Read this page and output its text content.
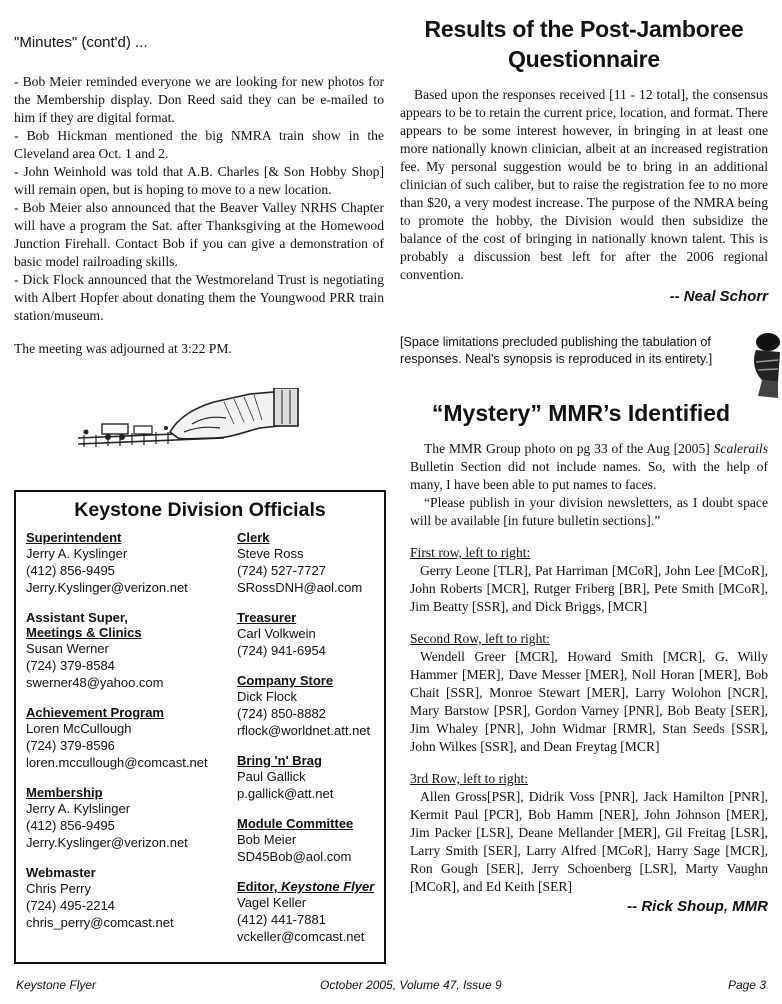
"Minutes" (cont'd) ...

- Bob Meier reminded everyone we are looking for new photos for the Membership display. Don Reed said they can be e-mailed to him if they are digital format.

- Bob Hickman mentioned the big NMRA train show in the Cleveland area Oct. 1 and 2.

- John Weinhold was told that A.B. Charles [& Son Hobby Shop] will remain open, but is hoping to move to a new location.

- Bob Meier also announced that the Beaver Valley NRHS Chapter will have a program the Sat. after Thanksgiving at the Homewood Junction Firehall. Contact Bob if you can give a demonstration of basic model railroading skills.

- Dick Flock announced that the Westmoreland Trust is negotiating with Albert Hopfer about donating them the Youngwood PRR train station/museum.

The meeting was adjourned at 3:22 PM.
Keystone Division Officials
Superintendent
Jerry A. Kyslinger
(412) 856-9495
Jerry.Kyslinger@verizon.net
Assistant Super,
Meetings & Clinics
Susan Werner
(724) 379-8584
swerner48@yahoo.com
Achievement Program
Loren McCullough
(724) 379-8596
loren.mccullough@comcast.net
Membership
Jerry A. Kylslinger
(412) 856-9495
Jerry.Kyslinger@verizon.net
Webmaster
Chris Perry
(724) 495-2214
chris_perry@comcast.net
Clerk
Steve Ross
(724) 527-7727
SRossDNH@aol.com
Treasurer
Carl Volkwein
(724) 941-6954
Company Store
Dick Flock
(724) 850-8882
rflock@worldnet.att.net
Bring 'n' Brag
Paul Gallick
p.gallick@att.net
Module Committee
Bob Meier
SD45Bob@aol.com
Editor, Keystone Flyer
Vagel Keller
(412) 441-7881
vckeller@comcast.net
Results of the Post-Jamboree
Questionnaire

Based upon the responses received [11 - 12 total], the consensus appears to be to retain the current price, location, and format. There appears to be some interest however, in bringing in at least one more nationally known clinician, albeit at an increased registration fee. My personal suggestion would be to bring in an additional clinician of such caliber, but to raise the registration fee to no more than $20, a very modest increase. The purpose of the NMRA being to promote the hobby, the Division would then subsidize the balance of the cost of bringing in nationally known talent. This is probably a discussion best left for after the 2006 regional convention.

-- Neal Schorr
[Space limitations precluded publishing the tabulation of responses. Neal's synopsis is reproduced in its entirety.]
“Mystery” MMR’s Identified

The MMR Group photo on pg 33 of the Aug [2005] Scalerails Bulletin Section did not include names. So, with the help of many, I have been able to put names to faces.

“Please publish in your division newsletters, as I doubt space will be available [in future bulletin sections].”

First row, left to right:

Gerry Leone [TLR], Pat Harriman [MCoR], John Lee [MCoR], John Roberts [MCR], Rutger Friberg [BR], Pete Smith [MCoR], Jim Beatty [SSR], and Dick Briggs, [MCR]

Second Row, left to right:

Wendell Greer [MCR], Howard Smith [MCR], G. Willy Hammer [MER], Dave Messer [MER], Noll Horan [MER], Bob Chait [SSR], Monroe Stewart [MER], Larry Wolohon [NCR], Mary Barstow [PSR], Gordon Varney [PNR], Bob Beaty [SER], Jim Whaley [PNR], John Widmar [RMR], Stan Seeds [SSR], John Wilkes [SSR], and Dean Freytag [MCR]

3rd Row, left to right:

Allen Gross[PSR], Didrik Voss [PNR], Jack Hamilton [PNR], Kermit Paul [PCR], Bob Hamm [NER], John Johnson [MER], Jim Packer [LSR], Deane Mellander [MER], Gil Freitag [LSR], Larry Smith [SER], Larry Alfred [MCoR], Harry Sage [MCR], Ron Gough [SER], Jerry Schoenberg [LSR], Marty Vaughn [MCoR], and Ed Keith [SER]

-- Rick Shoup, MMR
Keystone Flyer	October 2005, Volume 47, Issue 9	Page 3
